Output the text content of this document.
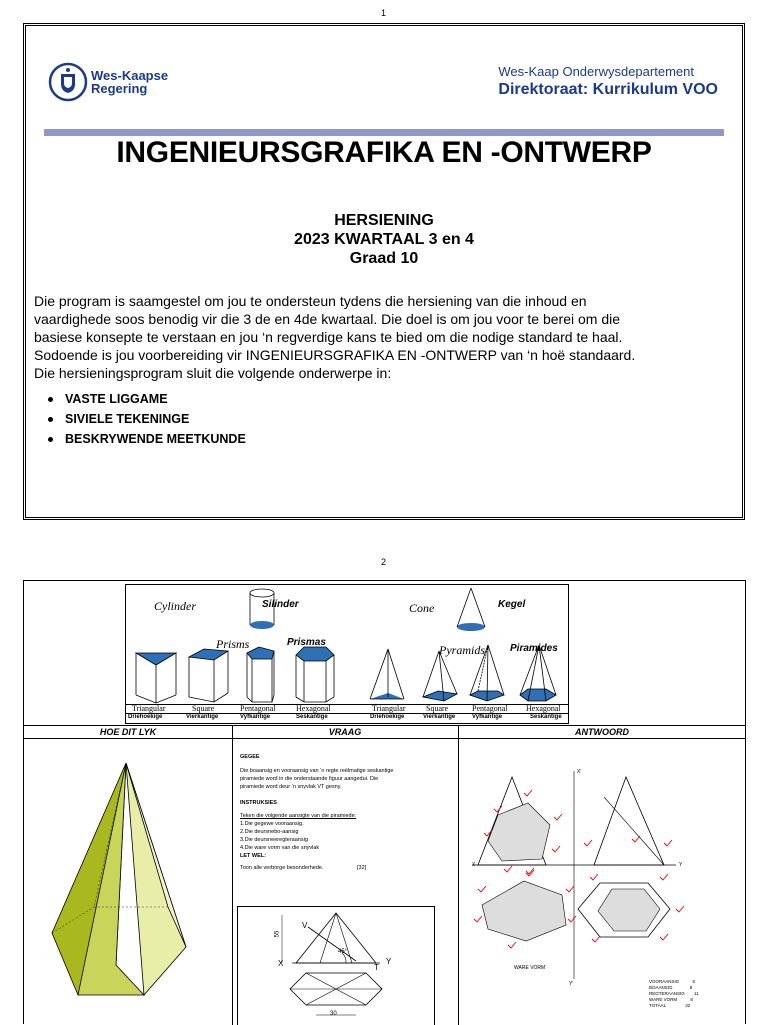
1
Wes-Kaapse
Regering
Wes-Kaap Onderwysdepartement
Direktoraat: Kurrikulum VOO
INGENIEURSGRAFIKA EN -ONTWERP
HERSIENING
2023 KWARTAAL 3 en 4
Graad 10
Die program is saamgestel om jou te ondersteun tydens die hersiening van die inhoud en
vaardighede soos benodig vir die 3 de en 4de kwartaal. Die doel is om jou voor te berei om die
basiese konsepte te verstaan en jou ‘n regverdige kans te bied om die nodige standard te haal.
Sodoende is jou voorbereiding vir INGENIEURSGRAFIKA EN -ONTWERP van ‘n hoë standaard.
Die hersieningsprogram sluit die volgende onderwerpe in:
VASTE LIGGAME
SIVIELE TEKENINGE
BESKRYWENDE MEETKUNDE
2
Cylinder	Silinder	Cone	Kegel
Prisms	Prismas
Pyramids	Piramides
Triangular	Square	Pentagonal	Hexagonal	Triangular	Square	Pentagonal Hexagonal
Driehoekige	Vierkantige	Vyfkantige	Seskantige	Driehoekige	Vierkantige	Vyfkantige	Seskantige
HOE DIT LYK	VRAAG	ANTWOORD
GEGEE
Die boaansig en vooraansig van ‘n regte reëlmatige seskantige
piramiede word in die onderstaande figuur aangedui. Die
piramiede word deur ‘n snyvlak VT gesny.
INSTRUKSIES
Teken die volgende aansigte van die piramiede:
1.Die gegewe vooraansig.
2.Die deursnebo-aansig
3.Die deursneeregteraansig
4.Die ware vorm van die snyvlak
LET WEL:
Toon alle verborge besonderhede.	[32]
55
45°
30
X	Y
V
T
X	Y
X'
Y'
WARE VORM
VOORAANSIG	5
BOAANSIG	8
REGTERAANSIG 11
WARE VORM	8
TOTAAL	32
